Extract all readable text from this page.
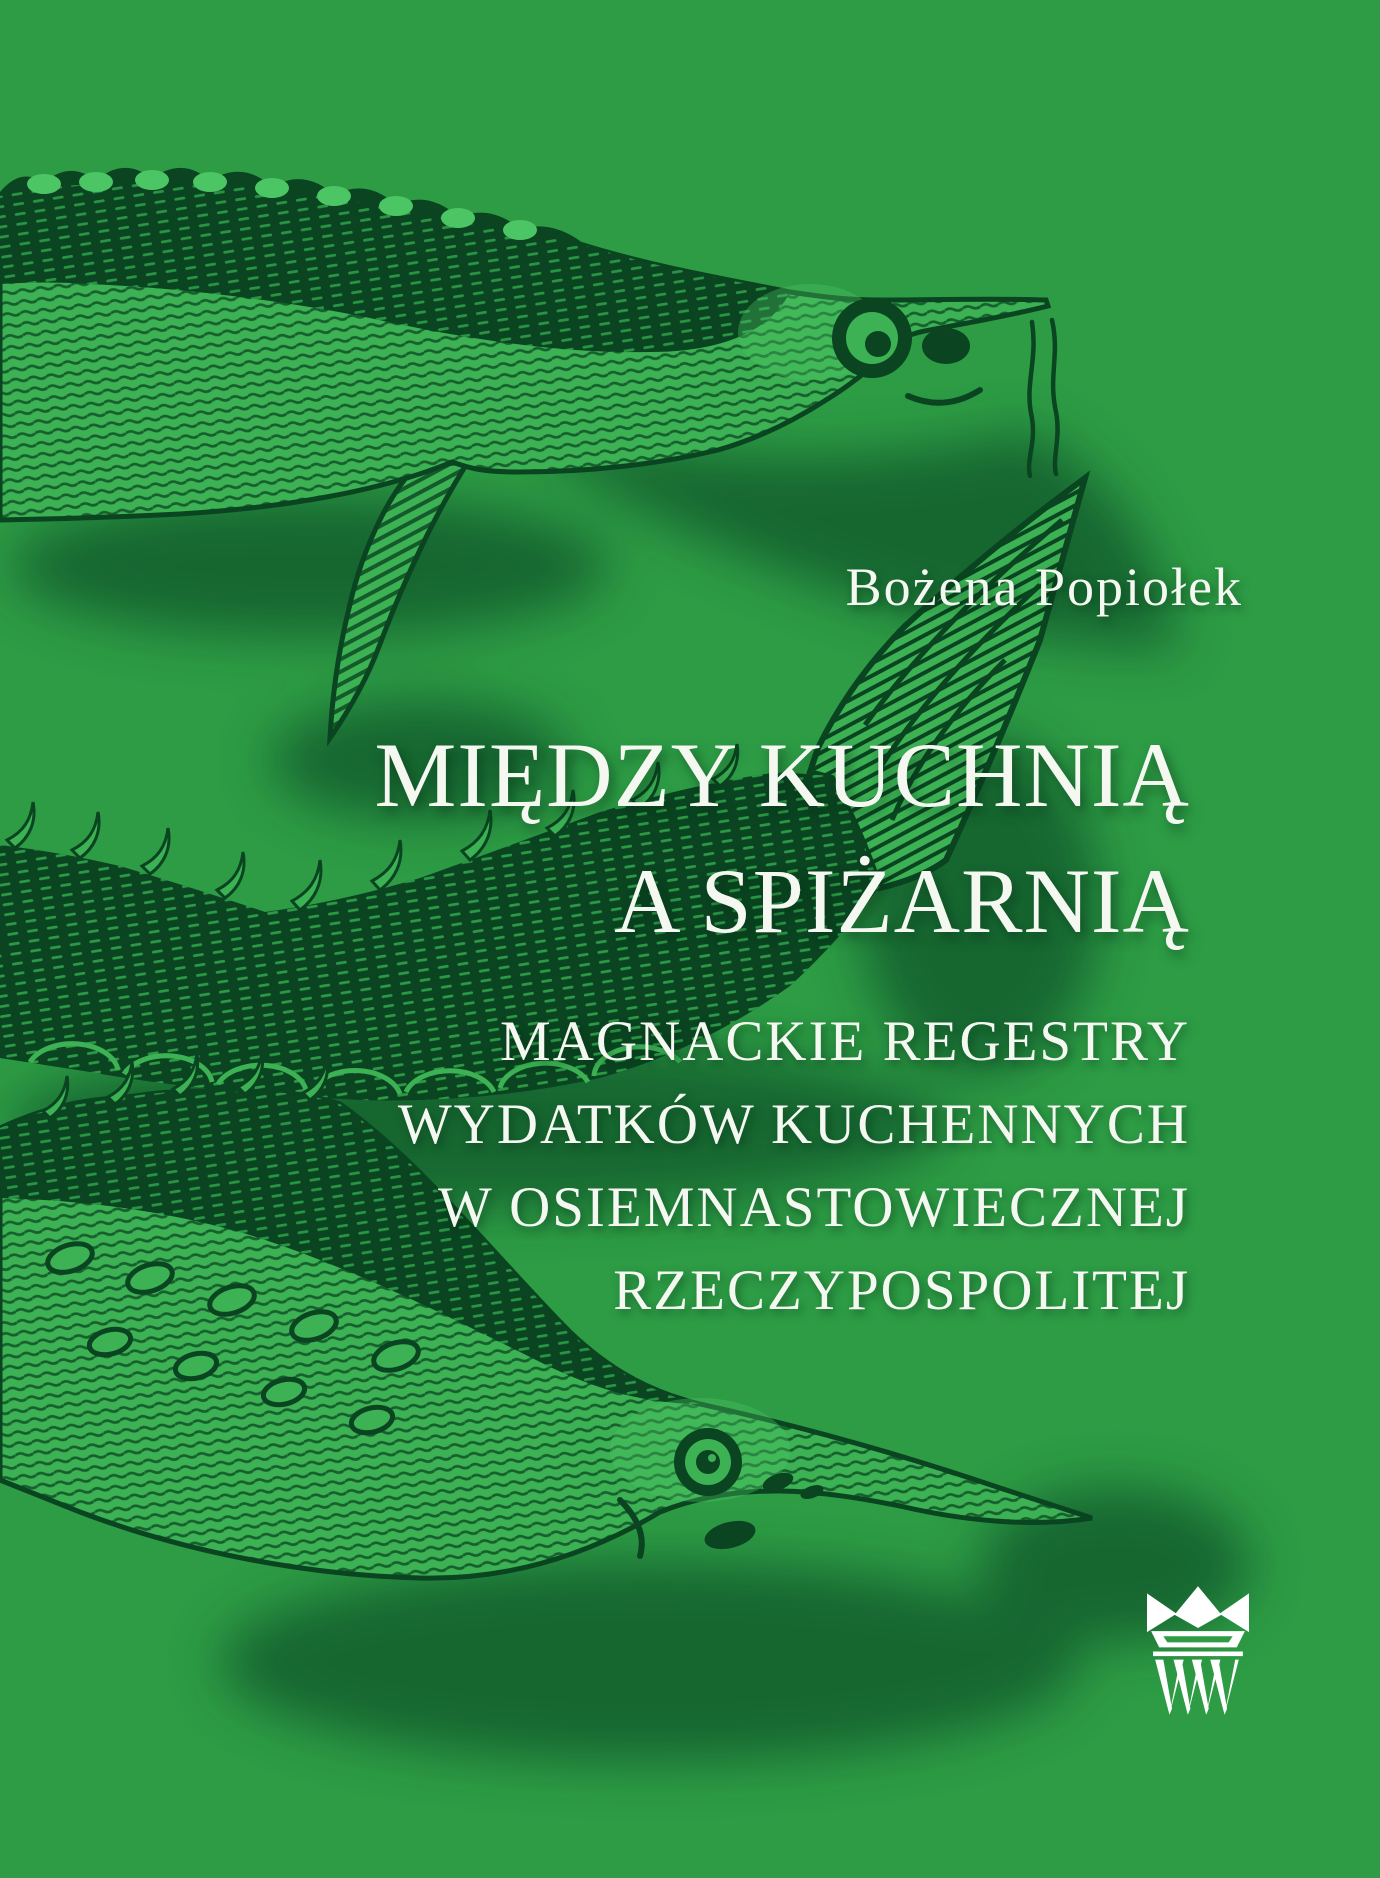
Bożena Popiołek
MIĘDZY KUCHNIĄ
A SPIŻARNIĄ
MAGNACKIE REGESTRY
WYDATKÓW KUCHENNYCH
W OSIEMNASTOWIECZNEJ
RZECZYPOSPOLITEJ
